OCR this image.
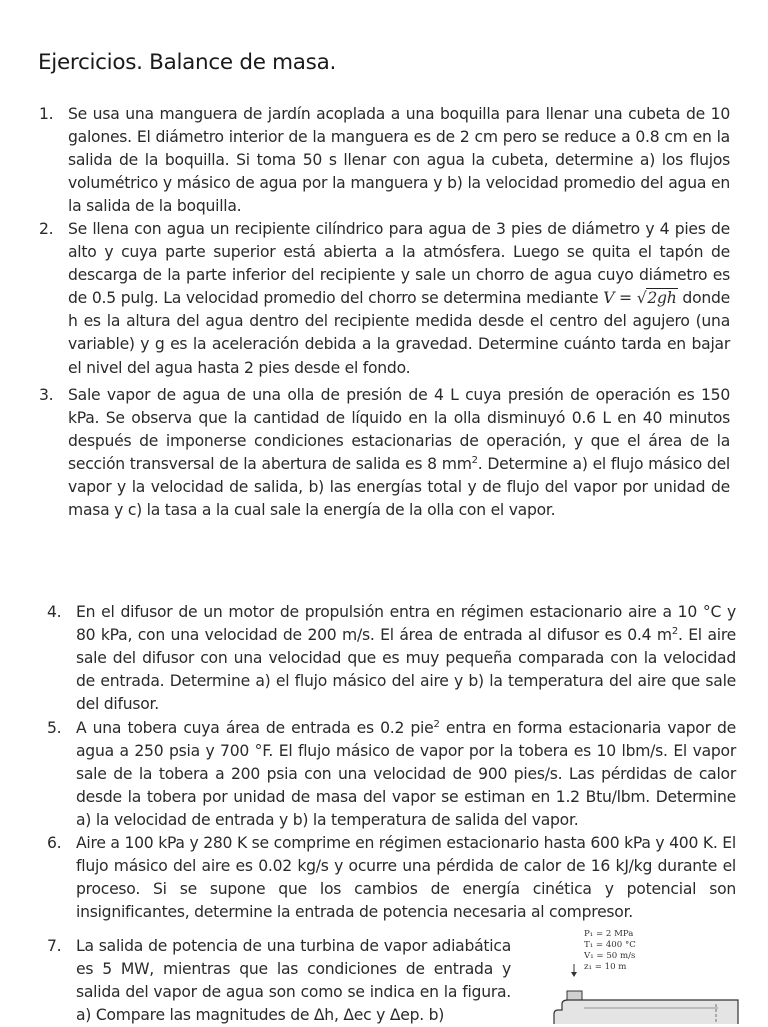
Ejercicios. Balance de masa.
1. Se usa una manguera de jardín acoplada a una boquilla para llenar una cubeta de 10 galones. El diámetro interior de la manguera es de 2 cm pero se reduce a 0.8 cm en la salida de la boquilla. Si toma 50 s llenar con agua la cubeta, determine a) los flujos volumétrico y másico de agua por la manguera y b) la velocidad promedio del agua en la salida de la boquilla.
2. Se llena con agua un recipiente cilíndrico para agua de 3 pies de diámetro y 4 pies de alto y cuya parte superior está abierta a la atmósfera. Luego se quita el tapón de descarga de la parte inferior del recipiente y sale un chorro de agua cuyo diámetro es de 0.5 pulg. La velocidad promedio del chorro se determina mediante V = √2gh donde h es la altura del agua dentro del recipiente medida desde el centro del agujero (una variable) y g es la aceleración debida a la gravedad. Determine cuánto tarda en bajar el nivel del agua hasta 2 pies desde el fondo.
3. Sale vapor de agua de una olla de presión de 4 L cuya presión de operación es 150 kPa. Se observa que la cantidad de líquido en la olla disminuyó 0.6 L en 40 minutos después de imponerse condiciones estacionarias de operación, y que el área de la sección transversal de la abertura de salida es 8 $mm^2$. Determine a) el flujo másico del vapor y la velocidad de salida, b) las energías total y de flujo del vapor por unidad de masa y c) la tasa a la cual sale la energía de la olla con el vapor.
4. En el difusor de un motor de propulsión entra en régimen estacionario aire a 10 °C y 80 kPa, con una velocidad de 200 m/s. El área de entrada al difusor es 0.4 $m^2$. El aire sale del difusor con una velocidad que es muy pequeña comparada con la velocidad de entrada. Determine a) el flujo másico del aire y b) la temperatura del aire que sale del difusor.
5. A una tobera cuya área de entrada es 0.2 pie$^2$ entra en forma estacionaria vapor de agua a 250 psia y 700 °F. El flujo másico de vapor por la tobera es 10 lbm/s. El vapor sale de la tobera a 200 psia con una velocidad de 900 pies/s. Las pérdidas de calor desde la tobera por unidad de masa del vapor se estiman en 1.2 Btu/lbm. Determine a) la velocidad de entrada y b) la temperatura de salida del vapor.
6. Aire a 100 kPa y 280 K se comprime en régimen estacionario hasta 600 kPa y 400 K. El flujo másico del aire es 0.02 kg/s y ocurre una pérdida de calor de 16 kJ/kg durante el proceso. Si se supone que los cambios de energía cinética y potencial son insignificantes, determine la entrada de potencia necesaria al compresor.
7. La salida de potencia de una turbina de vapor adiabática es 5 MW, mientras que las condiciones de entrada y salida del vapor de agua son como se indica en la figura. a) Compare las magnitudes de Δh, Δec y Δep. b)
P₁ = 2 MPa
T₁ = 400 °C
V₁ = 50 m/s
z₁ = 10 m
